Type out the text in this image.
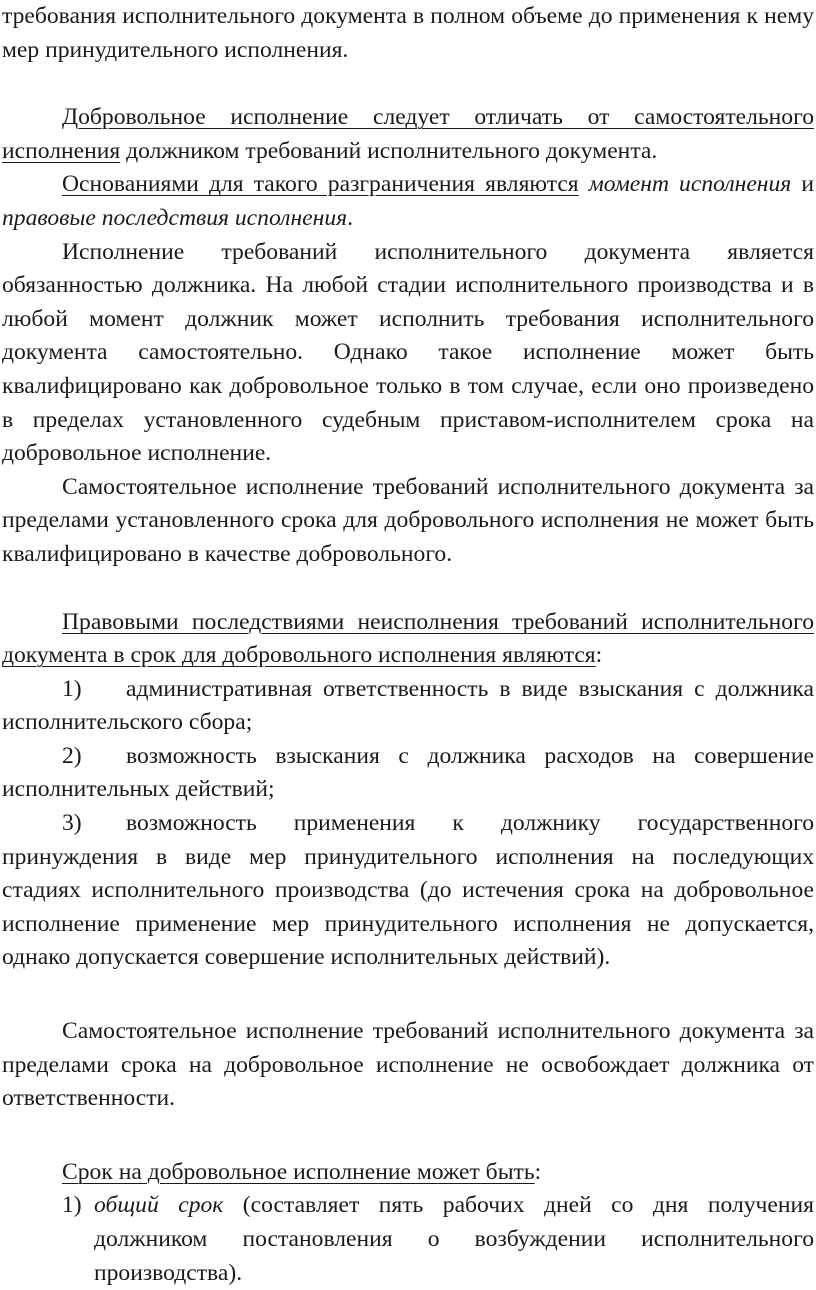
требования исполнительного документа в полном объеме до применения к нему мер принудительного исполнения.

Добровольное исполнение следует отличать от самостоятельного исполнения должником требований исполнительного документа.

Основаниями для такого разграничения являются момент исполнения и правовые последствия исполнения.

Исполнение требований исполнительного документа является обязанностью должника. На любой стадии исполнительного производства и в любой момент должник может исполнить требования исполнительного документа самостоятельно. Однако такое исполнение может быть квалифицировано как добровольное только в том случае, если оно произведено в пределах установленного судебным приставом-исполнителем срока на добровольное исполнение.

Самостоятельное исполнение требований исполнительного документа за пределами установленного срока для добровольного исполнения не может быть квалифицировано в качестве добровольного.

Правовыми последствиями неисполнения требований исполнительного документа в срок для добровольного исполнения являются:

1) административная ответственность в виде взыскания с должника исполнительского сбора;

2) возможность взыскания с должника расходов на совершение исполнительных действий;

3) возможность применения к должнику государственного принуждения в виде мер принудительного исполнения на последующих стадиях исполнительного производства (до истечения срока на добровольное исполнение применение мер принудительного исполнения не допускается, однако допускается совершение исполнительных действий).

Самостоятельное исполнение требований исполнительного документа за пределами срока на добровольное исполнение не освобождает должника от ответственности.

Срок на добровольное исполнение может быть:

1) общий срок (составляет пять рабочих дней со дня получения должником постановления о возбуждении исполнительного производства).
